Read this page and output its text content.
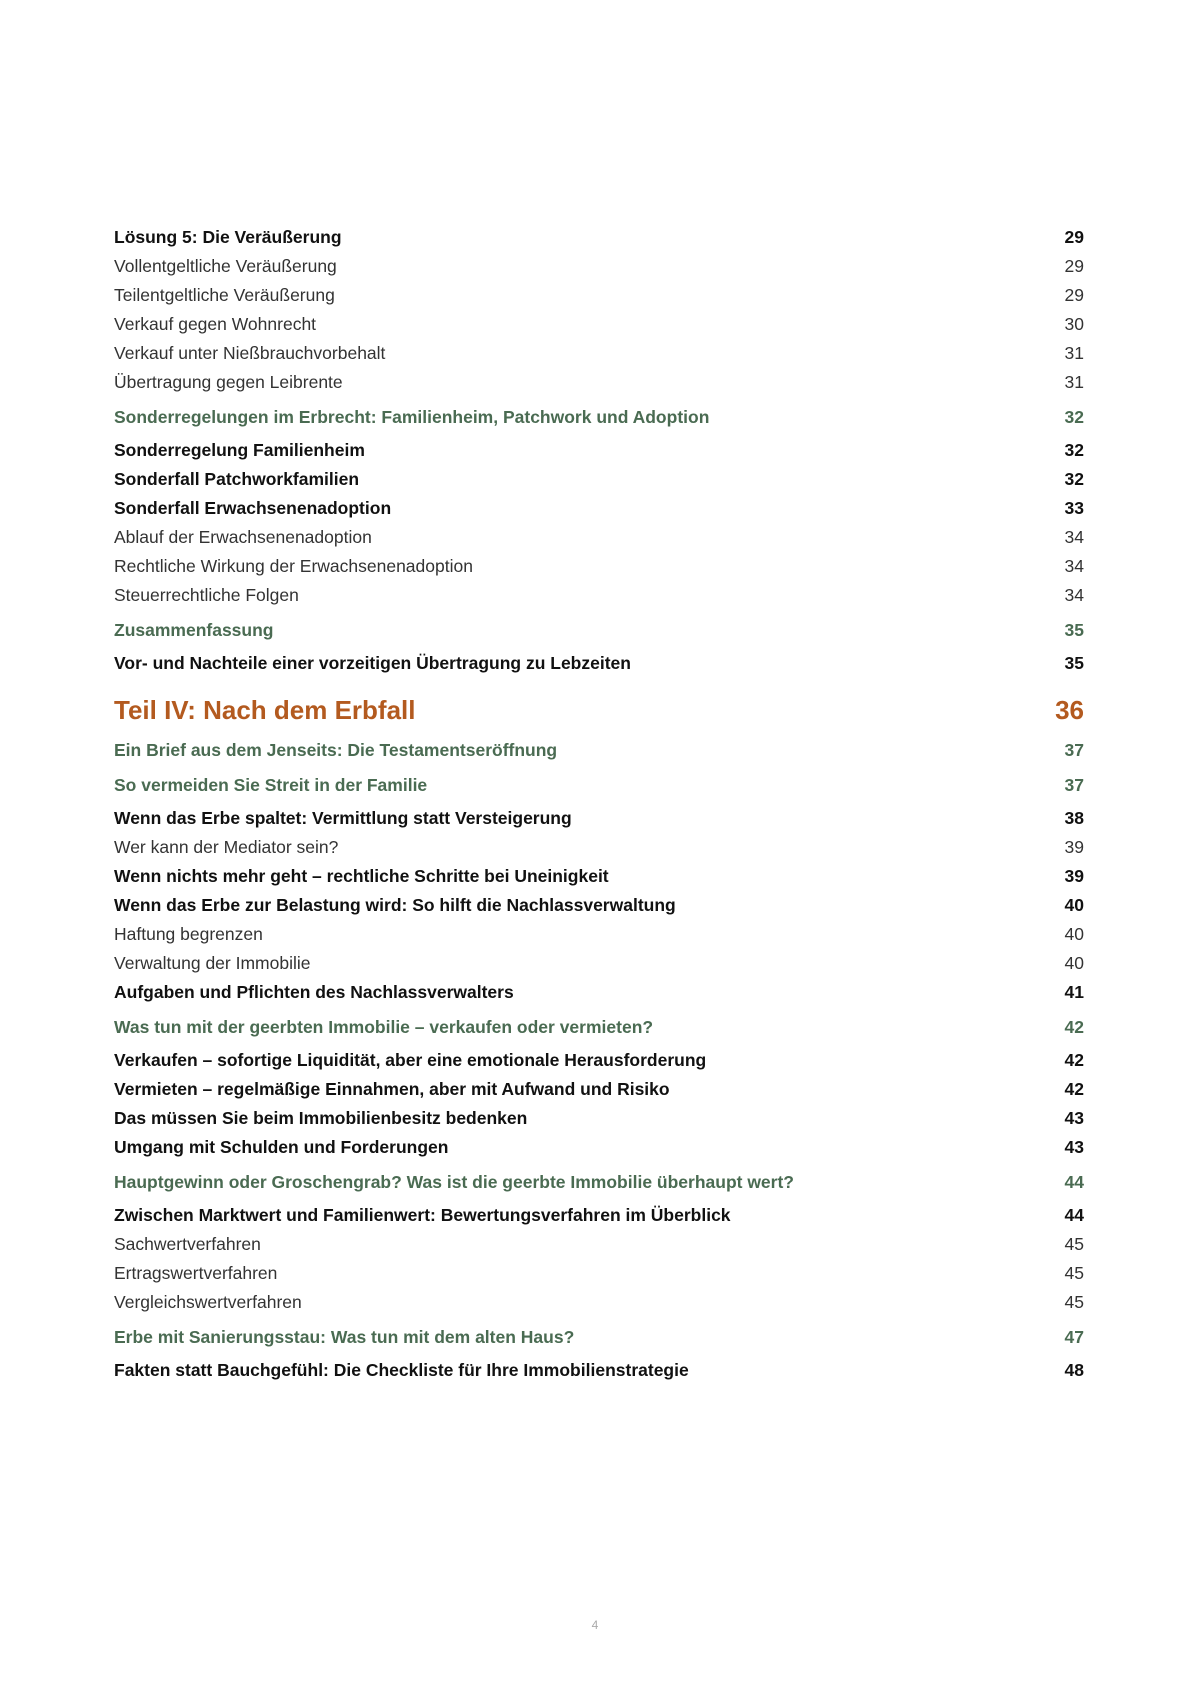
Lösung 5: Die Veräußerung	29
Vollentgeltliche Veräußerung	29
Teilentgeltliche Veräußerung	29
Verkauf gegen Wohnrecht	30
Verkauf unter Nießbrauchvorbehalt	31
Übertragung gegen Leibrente	31
Sonderregelungen im Erbrecht: Familienheim, Patchwork und Adoption	32
Sonderregelung Familienheim	32
Sonderfall Patchworkfamilien	32
Sonderfall Erwachsenenadoption	33
Ablauf der Erwachsenenadoption	34
Rechtliche Wirkung der Erwachsenenadoption	34
Steuerrechtliche Folgen	34
Zusammenfassung	35
Vor- und Nachteile einer vorzeitigen Übertragung zu Lebzeiten	35
Teil IV: Nach dem Erbfall	36
Ein Brief aus dem Jenseits: Die Testamentseröffnung	37
So vermeiden Sie Streit in der Familie	37
Wenn das Erbe spaltet: Vermittlung statt Versteigerung	38
Wer kann der Mediator sein?	39
Wenn nichts mehr geht – rechtliche Schritte bei Uneinigkeit	39
Wenn das Erbe zur Belastung wird: So hilft die Nachlassverwaltung	40
Haftung begrenzen	40
Verwaltung der Immobilie	40
Aufgaben und Pflichten des Nachlassverwalters	41
Was tun mit der geerbten Immobilie – verkaufen oder vermieten?	42
Verkaufen – sofortige Liquidität, aber eine emotionale Herausforderung	42
Vermieten – regelmäßige Einnahmen, aber mit Aufwand und Risiko	42
Das müssen Sie beim Immobilienbesitz bedenken	43
Umgang mit Schulden und Forderungen	43
Hauptgewinn oder Groschengrab? Was ist die geerbte Immobilie überhaupt wert?	44
Zwischen Marktwert und Familienwert: Bewertungsverfahren im Überblick	44
Sachwertverfahren	45
Ertragswertverfahren	45
Vergleichswertverfahren	45
Erbe mit Sanierungsstau: Was tun mit dem alten Haus?	47
Fakten statt Bauchgefühl: Die Checkliste für Ihre Immobilienstrategie	48
4
